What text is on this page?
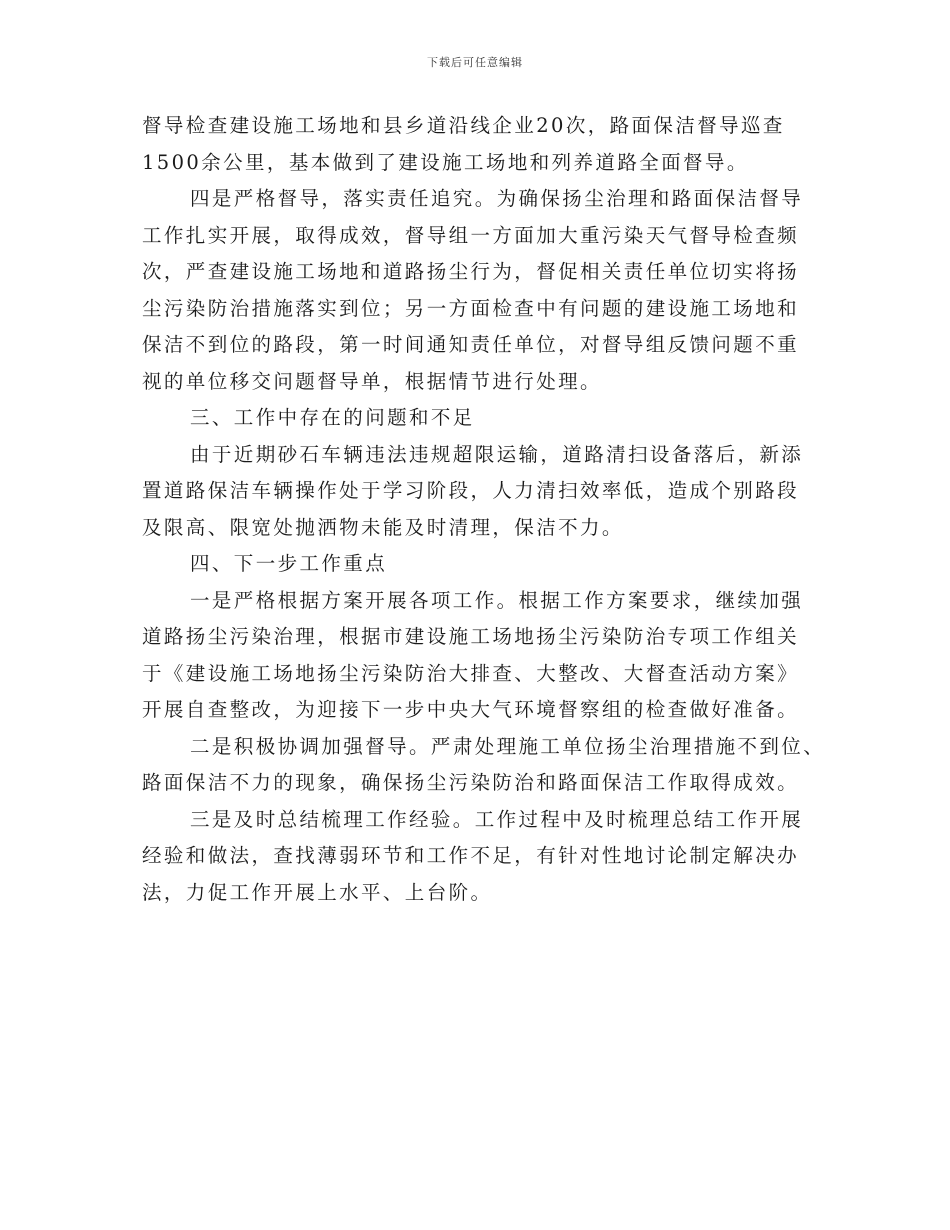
下载后可任意编辑
督导检查建设施工场地和县乡道沿线企业20次，路面保洁督导巡查
1500余公里，基本做到了建设施工场地和列养道路全面督导。
四是严格督导，落实责任追究。为确保扬尘治理和路面保洁督导
工作扎实开展，取得成效，督导组一方面加大重污染天气督导检查频
次，严查建设施工场地和道路扬尘行为，督促相关责任单位切实将扬
尘污染防治措施落实到位；另一方面检查中有问题的建设施工场地和
保洁不到位的路段，第一时间通知责任单位，对督导组反馈问题不重
视的单位移交问题督导单，根据情节进行处理。
三、工作中存在的问题和不足
由于近期砂石车辆违法违规超限运输，道路清扫设备落后，新添
置道路保洁车辆操作处于学习阶段，人力清扫效率低，造成个别路段
及限高、限宽处抛洒物未能及时清理，保洁不力。
四、下一步工作重点
一是严格根据方案开展各项工作。根据工作方案要求，继续加强
道路扬尘污染治理，根据市建设施工场地扬尘污染防治专项工作组关
于《建设施工场地扬尘污染防治大排查、大整改、大督查活动方案》
开展自查整改，为迎接下一步中央大气环境督察组的检查做好准备。
二是积极协调加强督导。严肃处理施工单位扬尘治理措施不到位、
路面保洁不力的现象，确保扬尘污染防治和路面保洁工作取得成效。
三是及时总结梳理工作经验。工作过程中及时梳理总结工作开展
经验和做法，查找薄弱环节和工作不足，有针对性地讨论制定解决办
法，力促工作开展上水平、上台阶。
